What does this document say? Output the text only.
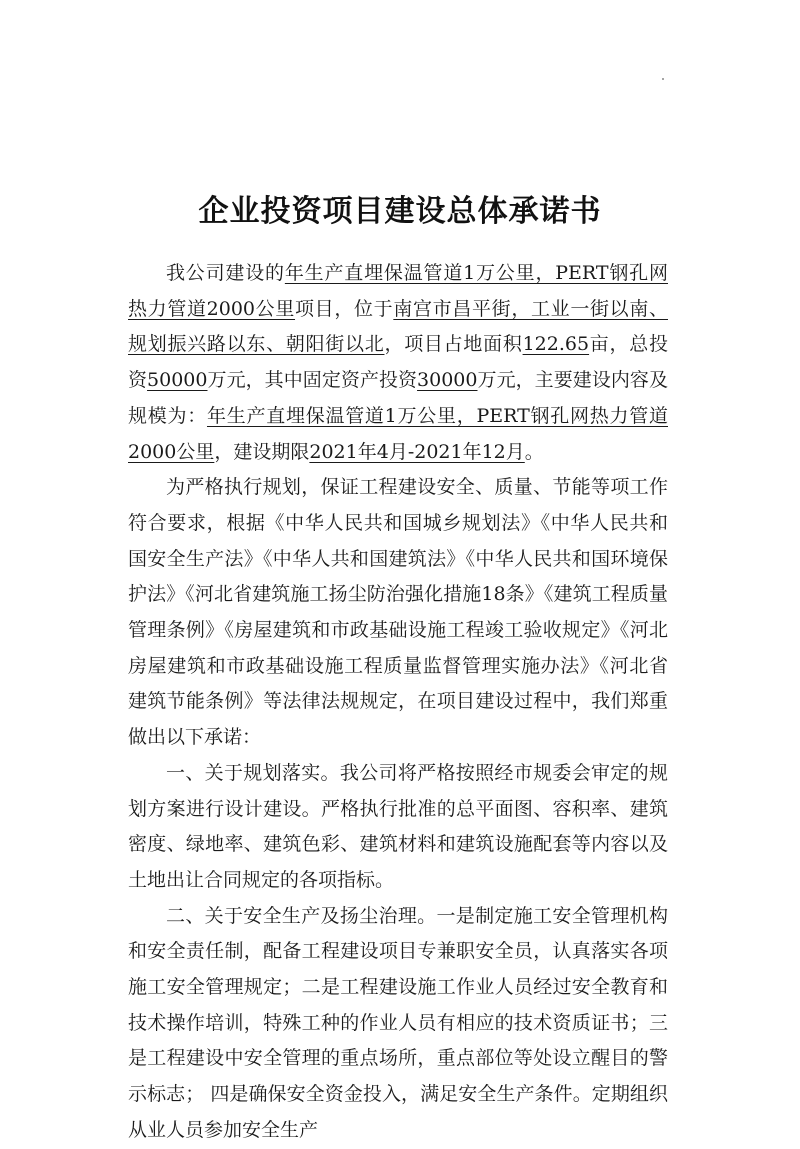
企业投资项目建设总体承诺书

我公司建设的年生产直埋保温管道1万公里，PERT钢孔网热力管道2000公里项目，位于南宫市昌平街，工业一街以南、规划振兴路以东、朝阳街以北，项目占地面积122.65亩，总投资50000万元，其中固定资产投资30000万元，主要建设内容及规模为：年生产直埋保温管道1万公里，PERT钢孔网热力管道2000公里，建设期限2021年4月-2021年12月。

为严格执行规划，保证工程建设安全、质量、节能等项工作符合要求，根据《中华人民共和国城乡规划法》《中华人民共和国安全生产法》《中华人共和国建筑法》《中华人民共和国环境保护法》《河北省建筑施工扬尘防治强化措施18条》《建筑工程质量管理条例》《房屋建筑和市政基础设施工程竣工验收规定》《河北房屋建筑和市政基础设施工程质量监督管理实施办法》《河北省建筑节能条例》等法律法规规定，在项目建设过程中，我们郑重做出以下承诺：

一、关于规划落实。我公司将严格按照经市规委会审定的规划方案进行设计建设。严格执行批准的总平面图、容积率、建筑密度、绿地率、建筑色彩、建筑材料和建筑设施配套等内容以及土地出让合同规定的各项指标。

二、关于安全生产及扬尘治理。一是制定施工安全管理机构和安全责任制，配备工程建设项目专兼职安全员，认真落实各项施工安全管理规定；二是工程建设施工作业人员经过安全教育和技术操作培训，特殊工种的作业人员有相应的技术资质证书；三是工程建设中安全管理的重点场所，重点部位等处设立醒目的警示标志； 四是确保安全资金投入，满足安全生产条件。定期组织从业人员参加安全生产
